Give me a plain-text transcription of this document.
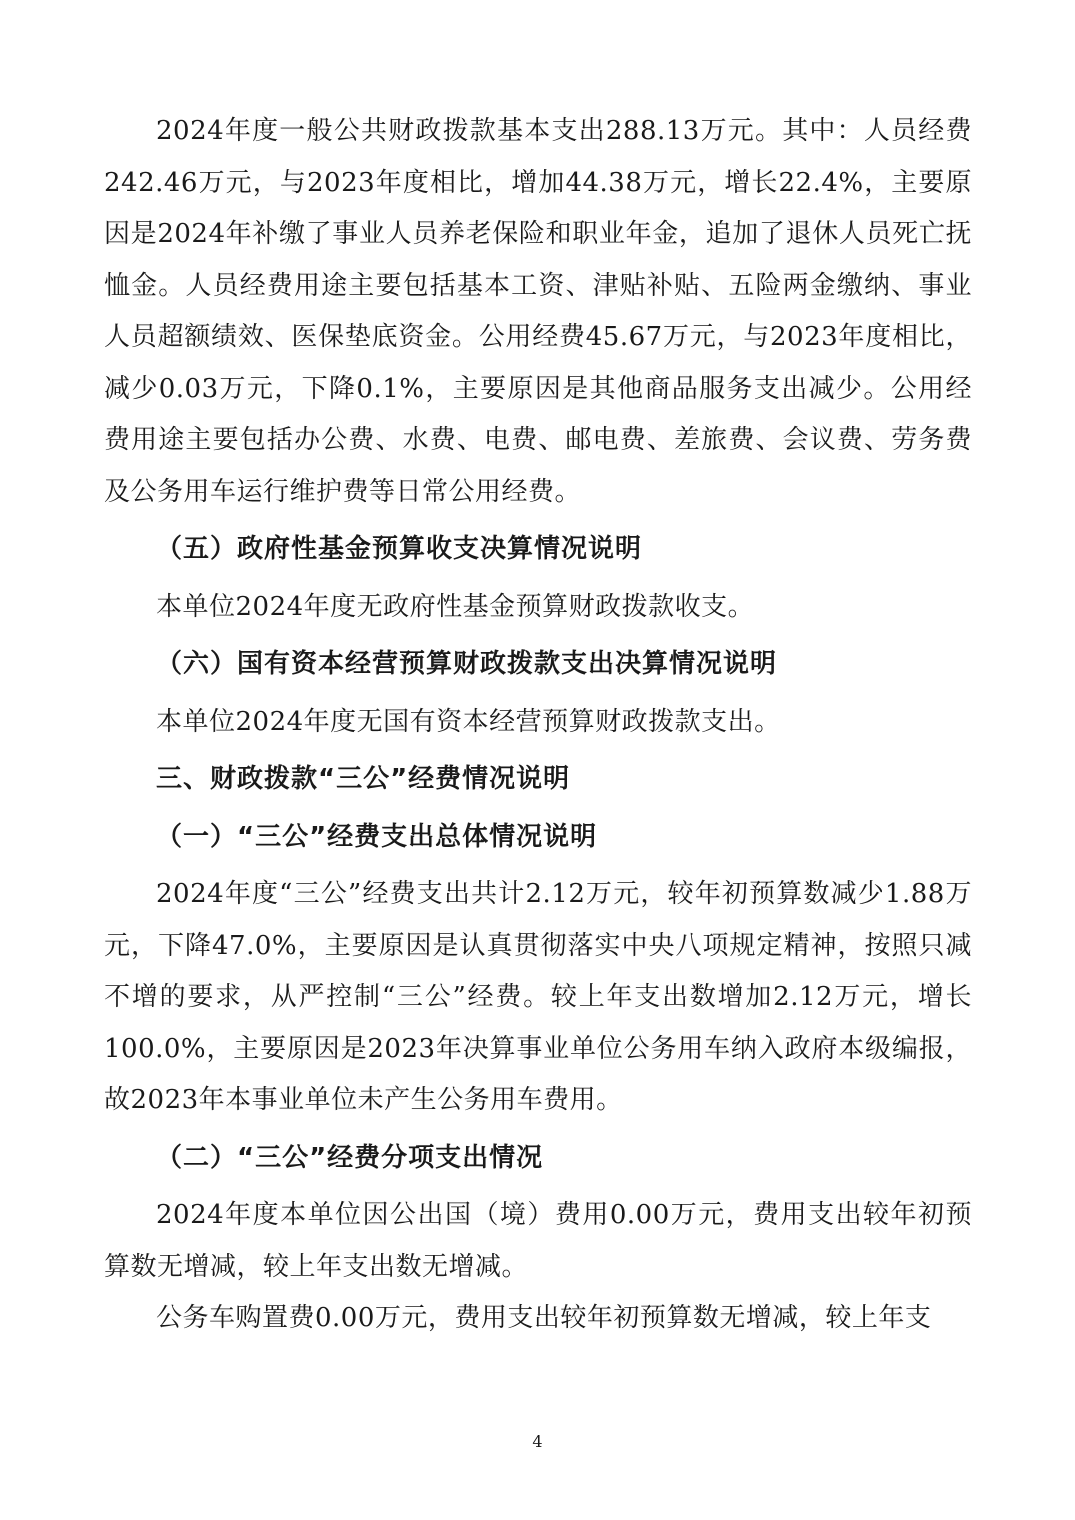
2024年度一般公共财政拨款基本支出288.13万元。其中：人员经费242.46万元，与2023年度相比，增加44.38万元，增长22.4%，主要原因是2024年补缴了事业人员养老保险和职业年金，追加了退休人员死亡抚恤金。人员经费用途主要包括基本工资、津贴补贴、五险两金缴纳、事业人员超额绩效、医保垫底资金。公用经费45.67万元，与2023年度相比，减少0.03万元，下降0.1%，主要原因是其他商品服务支出减少。公用经费用途主要包括办公费、水费、电费、邮电费、差旅费、会议费、劳务费及公务用车运行维护费等日常公用经费。

（五）政府性基金预算收支决算情况说明

本单位2024年度无政府性基金预算财政拨款收支。

（六）国有资本经营预算财政拨款支出决算情况说明

本单位2024年度无国有资本经营预算财政拨款支出。

三、财政拨款“三公”经费情况说明

（一）“三公”经费支出总体情况说明

2024年度“三公”经费支出共计2.12万元，较年初预算数减少1.88万元，下降47.0%，主要原因是认真贯彻落实中央八项规定精神，按照只减不增的要求，从严控制“三公”经费。较上年支出数增加2.12万元，增长100.0%，主要原因是2023年决算事业单位公务用车纳入政府本级编报，故2023年本事业单位未产生公务用车费用。

（二）“三公”经费分项支出情况

2024年度本单位因公出国（境）费用0.00万元，费用支出较年初预算数无增减，较上年支出数无增减。

公务车购置费0.00万元，费用支出较年初预算数无增减，较上年支

4
